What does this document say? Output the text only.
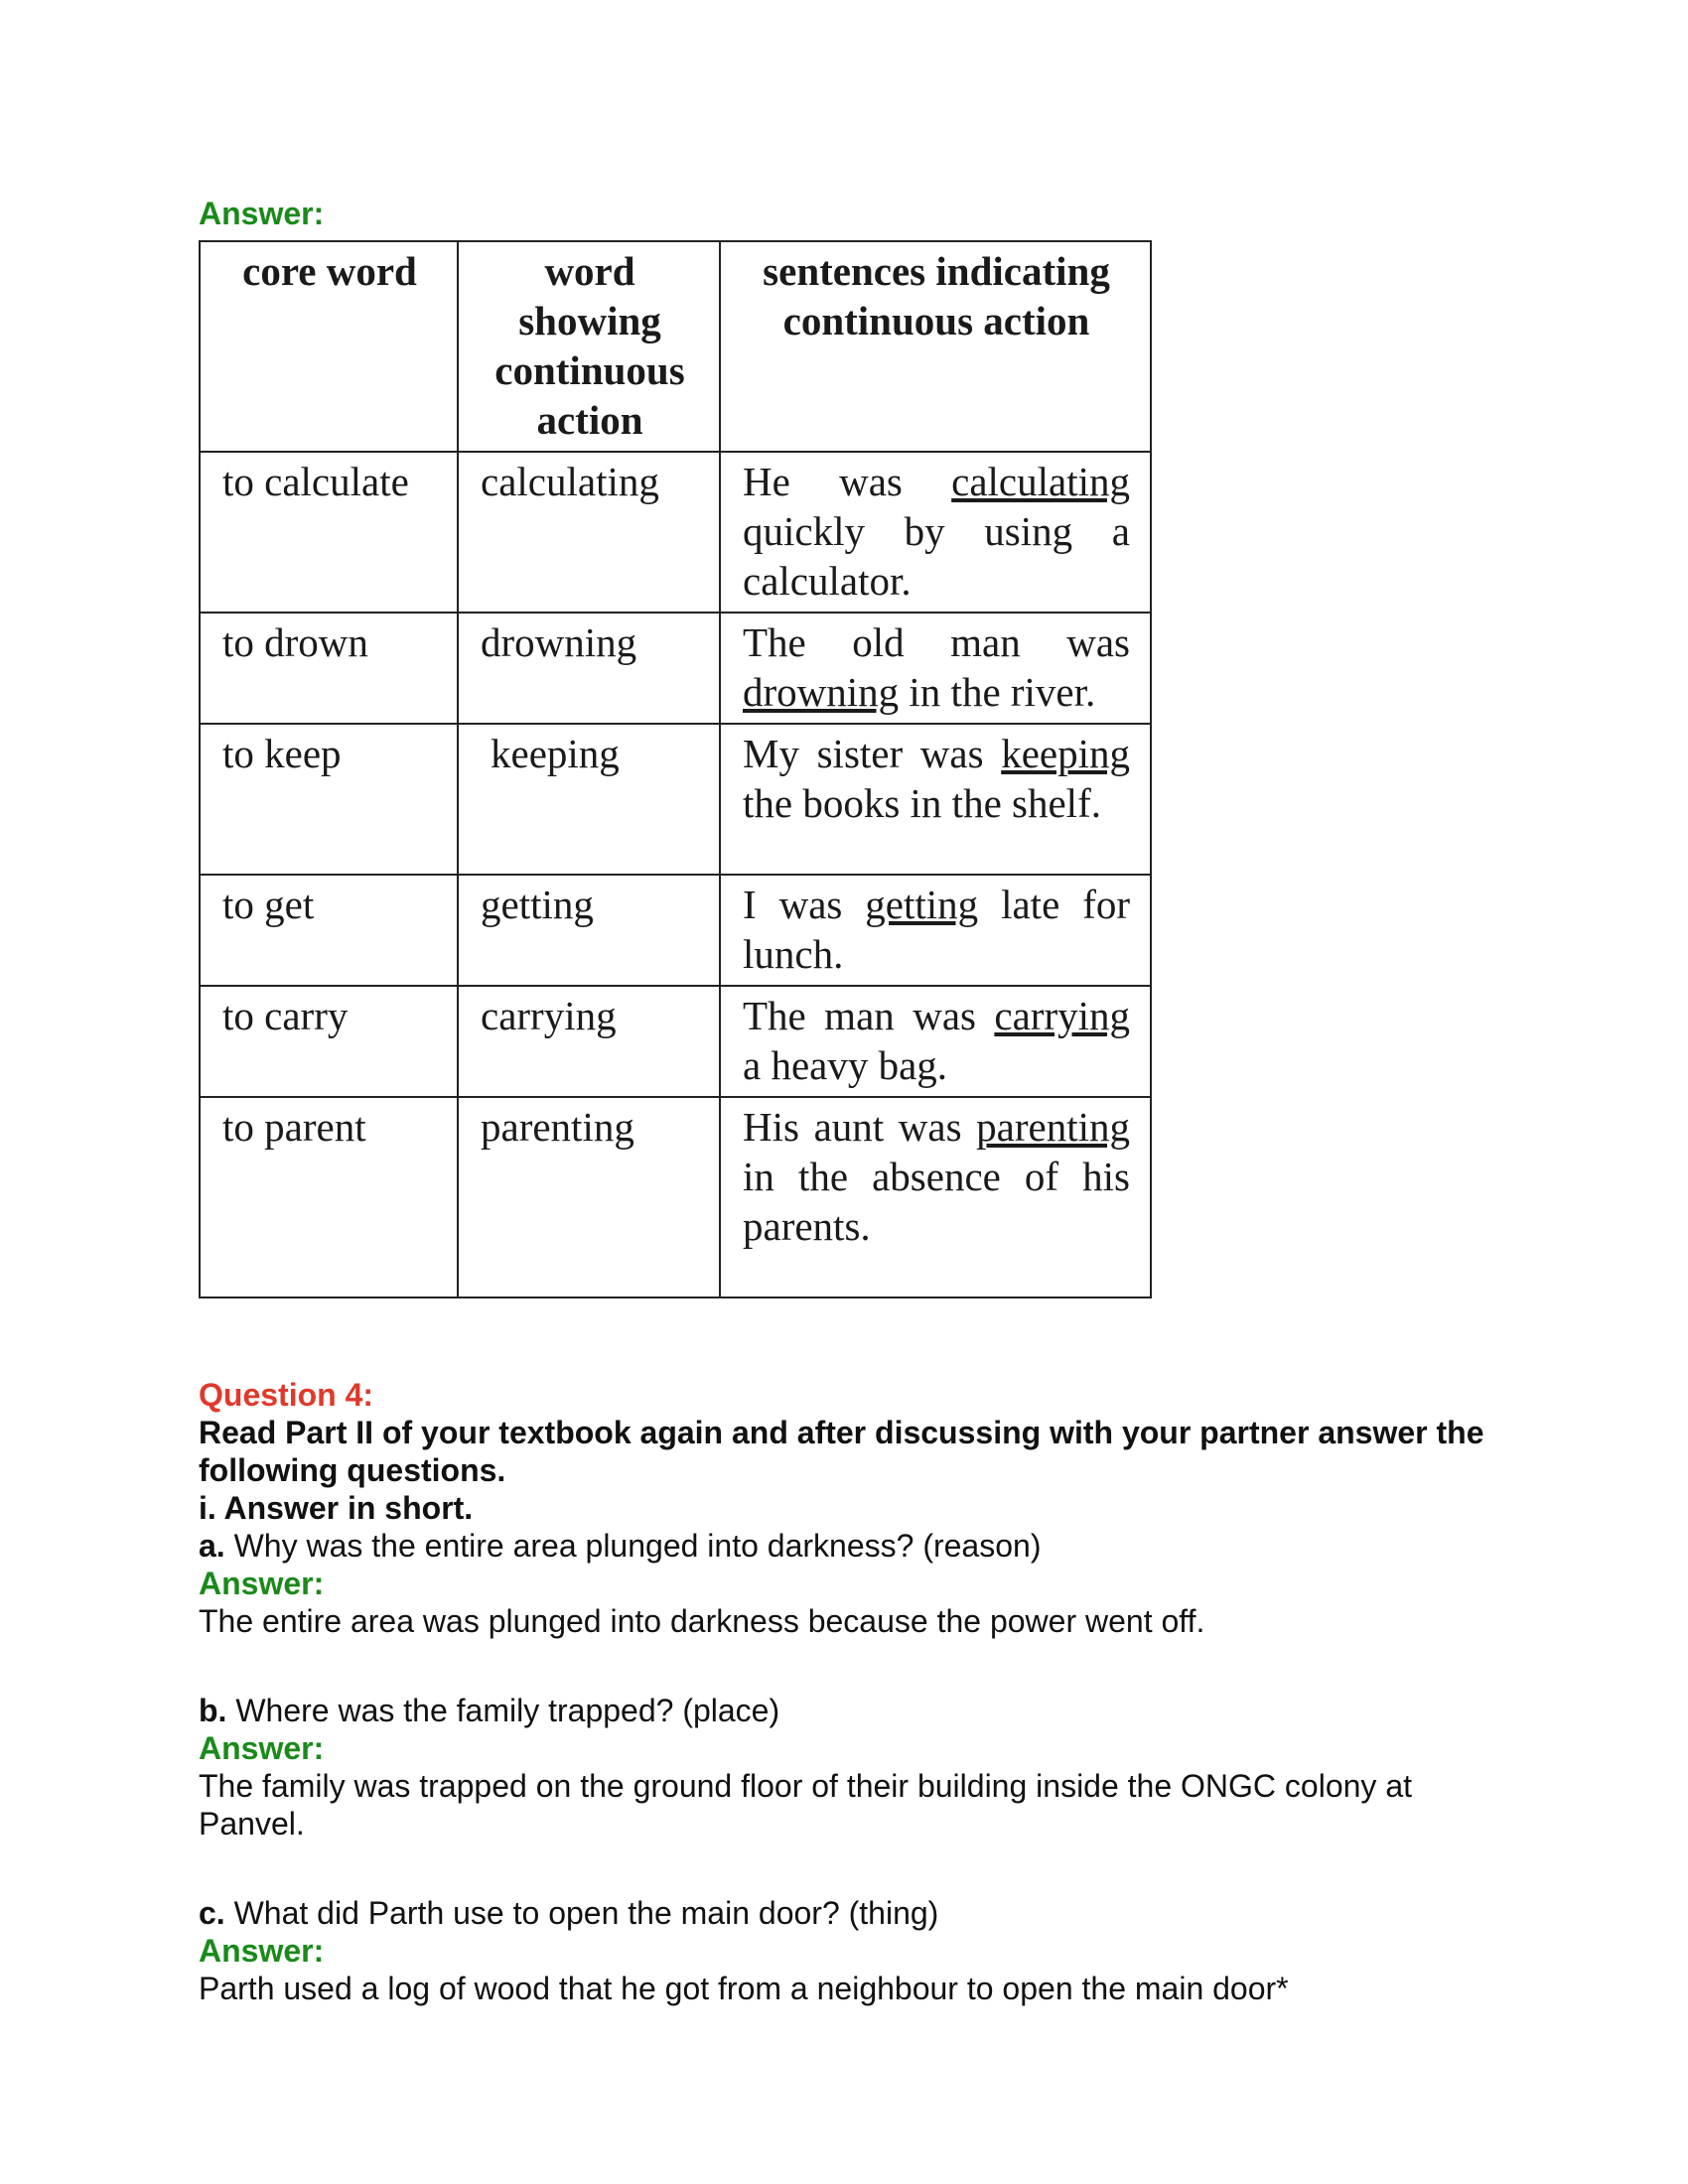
Answer:
core word	word showing continuous action	sentences indicating continuous action
to calculate	calculating	He was calculating quickly by using a calculator.
to drown	drowning	The old man was drowning in the river.
to keep	keeping	My sister was keeping the books in the shelf.
to get	getting	I was getting late for lunch.
to carry	carrying	The man was carrying a heavy bag.
to parent	parenting	His aunt was parenting in the absence of his parents.
Question 4:
Read Part II of your textbook again and after discussing with your partner answer the following questions.
i. Answer in short.
a. Why was the entire area plunged into darkness? (reason)
Answer:
The entire area was plunged into darkness because the power went off.
b. Where was the family trapped? (place)
Answer:
The family was trapped on the ground floor of their building inside the ONGC colony at Panvel.
c. What did Parth use to open the main door? (thing)
Answer:
Parth used a log of wood that he got from a neighbour to open the main door*
